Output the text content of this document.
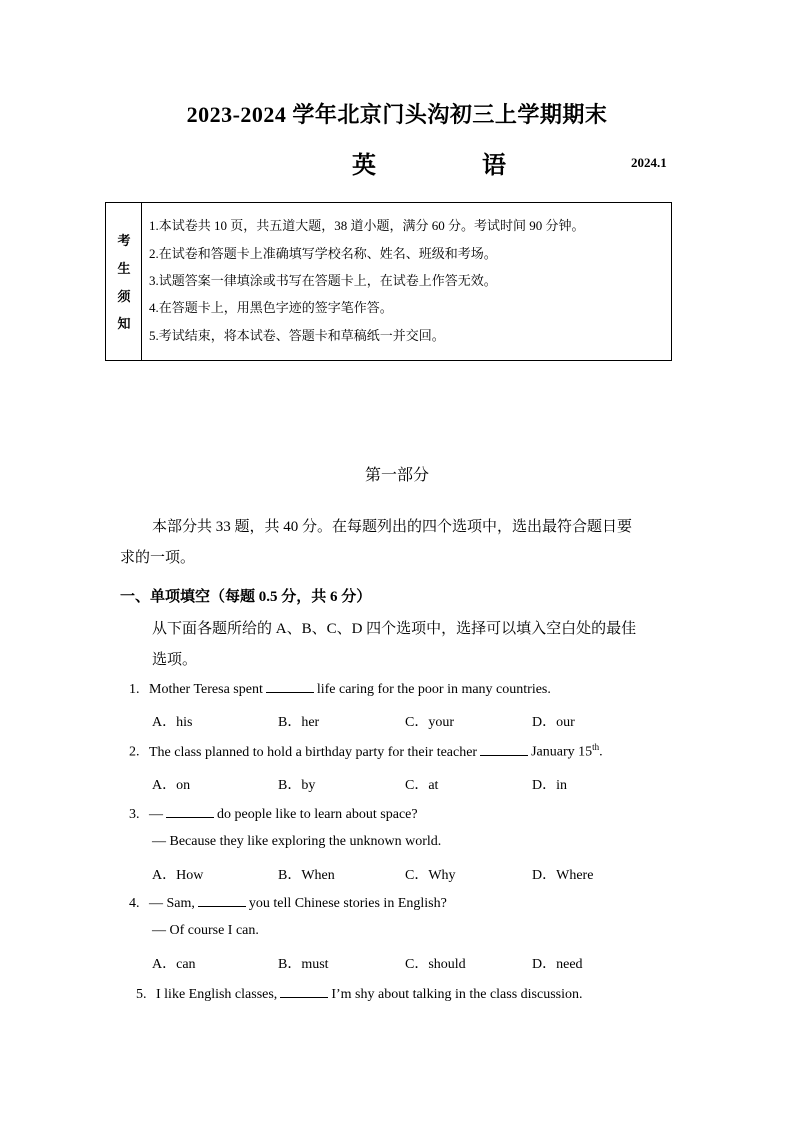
2023-2024 学年北京门头沟初三上学期期末
英 语	2024.1
考
生
须
知
1.本试卷共 10 页，共五道大题，38 道小题，满分 60 分。考试时间 90 分钟。
2.在试卷和答题卡上准确填写学校名称、姓名、班级和考场。
3.试题答案一律填涂或书写在答题卡上，在试卷上作答无效。
4.在答题卡上，用黑色字迹的签字笔作答。
5.考试结束，将本试卷、答题卡和草稿纸一并交回。
第一部分
本部分共 33 题，共 40 分。在每题列出的四个选项中，选出最符合题日要
求的一项。
一、单项填空（每题 0.5 分，共 6 分）
从下面各题所给的 A、B、C、D 四个选项中，选择可以填入空白处的最佳
选项。
1. Mother Teresa spent	life caring for the poor in many countries.
A．his	B．her	C．your	D．our
2. The class planned to hold a birthday party for their teacher	January 15th.
A．on	B．by	C．at	D．in
3. —	do people like to learn about space?
— Because they like exploring the unknown world.
A．How	B．When	C．Why	D．Where
4. — Sam,	you tell Chinese stories in English?
— Of course I can.
A．can	B．must	C．should	D．need
5. I like English classes,	I’m shy about talking in the class discussion.
